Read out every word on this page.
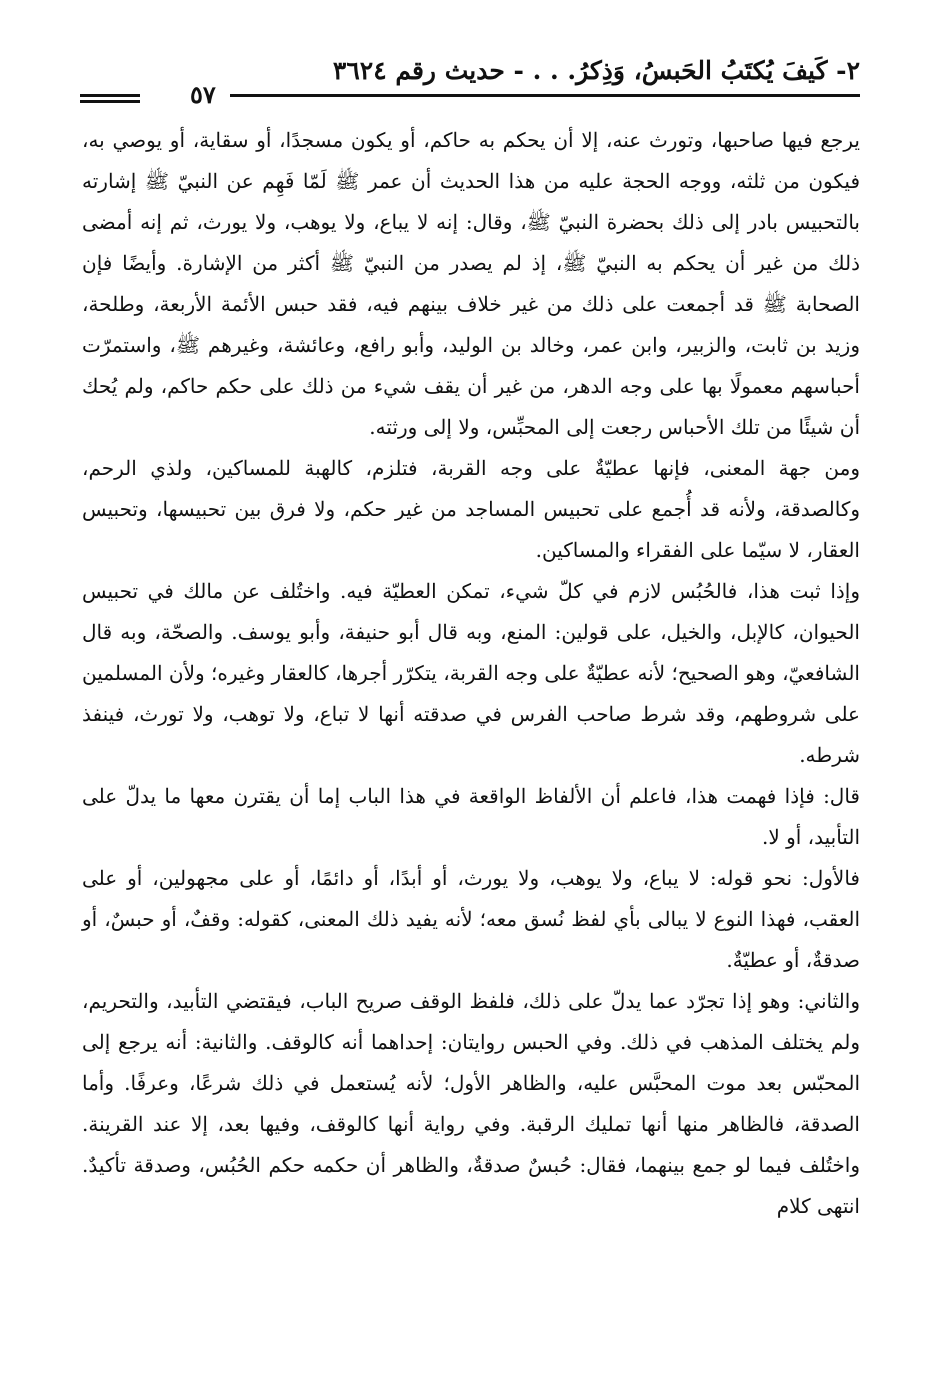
٢- كَيفَ يُكتَبُ الحَبسُ، وَذِكرُ. . . - حديث رقم ٣٦٢٤
٥٧

يرجع فيها صاحبها، وتورث عنه، إلا أن يحكم به حاكم، أو يكون مسجدًا، أو سقاية، أو يوصي به، فيكون من ثلثه، ووجه الحجة عليه من هذا الحديث أن عمر ﷺ لَمّا فَهِم عن النبيّ ﷺ إشارته بالتحبيس بادر إلى ذلك بحضرة النبيّ ﷺ، وقال: إنه لا يباع، ولا يوهب، ولا يورث، ثم إنه أمضى ذلك من غير أن يحكم به النبيّ ﷺ، إذ لم يصدر من النبيّ ﷺ أكثر من الإشارة. وأيضًا فإن الصحابة ﷺ قد أجمعت على ذلك من غير خلاف بينهم فيه، فقد حبس الأئمة الأربعة، وطلحة، وزيد بن ثابت، والزبير، وابن عمر، وخالد بن الوليد، وأبو رافع، وعائشة، وغيرهم ﷺ، واستمرّت أحباسهم معمولًا بها على وجه الدهر، من غير أن يقف شيء من ذلك على حكم حاكم، ولم يُحك أن شيئًا من تلك الأحباس رجعت إلى المحبِّس، ولا إلى ورثته.

ومن جهة المعنى، فإنها عطيّةٌ على وجه القربة، فتلزم، كالهبة للمساكين، ولذي الرحم، وكالصدقة، ولأنه قد أُجمع على تحبيس المساجد من غير حكم، ولا فرق بين تحبيسها، وتحبيس العقار، لا سيّما على الفقراء والمساكين.

وإذا ثبت هذا، فالحُبُس لازم في كلّ شيء، تمكن العطيّة فيه. واختُلف عن مالك في تحبيس الحيوان، كالإبل، والخيل، على قولين: المنع، وبه قال أبو حنيفة، وأبو يوسف. والصحّة، وبه قال الشافعيّ، وهو الصحيح؛ لأنه عطيّةٌ على وجه القربة، يتكرّر أجرها، كالعقار وغيره؛ ولأن المسلمين على شروطهم، وقد شرط صاحب الفرس في صدقته أنها لا تباع، ولا توهب، ولا تورث، فينفذ شرطه.

قال: فإذا فهمت هذا، فاعلم أن الألفاظ الواقعة في هذا الباب إما أن يقترن معها ما يدلّ على التأبيد، أو لا.

فالأول: نحو قوله: لا يباع، ولا يوهب، ولا يورث، أو أبدًا، أو دائمًا، أو على مجهولين، أو على العقب، فهذا النوع لا يبالى بأي لفظ نُسق معه؛ لأنه يفيد ذلك المعنى، كقوله: وقفٌ، أو حبسٌ، أو صدقةٌ، أو عطيّةٌ.

والثاني: وهو إذا تجرّد عما يدلّ على ذلك، فلفظ الوقف صريح الباب، فيقتضي التأبيد، والتحريم، ولم يختلف المذهب في ذلك. وفي الحبس روايتان: إحداهما أنه كالوقف. والثانية: أنه يرجع إلى المحبّس بعد موت المحبَّس عليه، والظاهر الأول؛ لأنه يُستعمل في ذلك شرعًا، وعرفًا. وأما الصدقة، فالظاهر منها أنها تمليك الرقبة. وفي رواية أنها كالوقف، وفيها بعد، إلا عند القرينة. واختُلف فيما لو جمع بينهما، فقال: حُبسٌ صدقةٌ، والظاهر أن حكمه حكم الحُبُس، وصدقة تأكيدٌ. انتهى كلام
